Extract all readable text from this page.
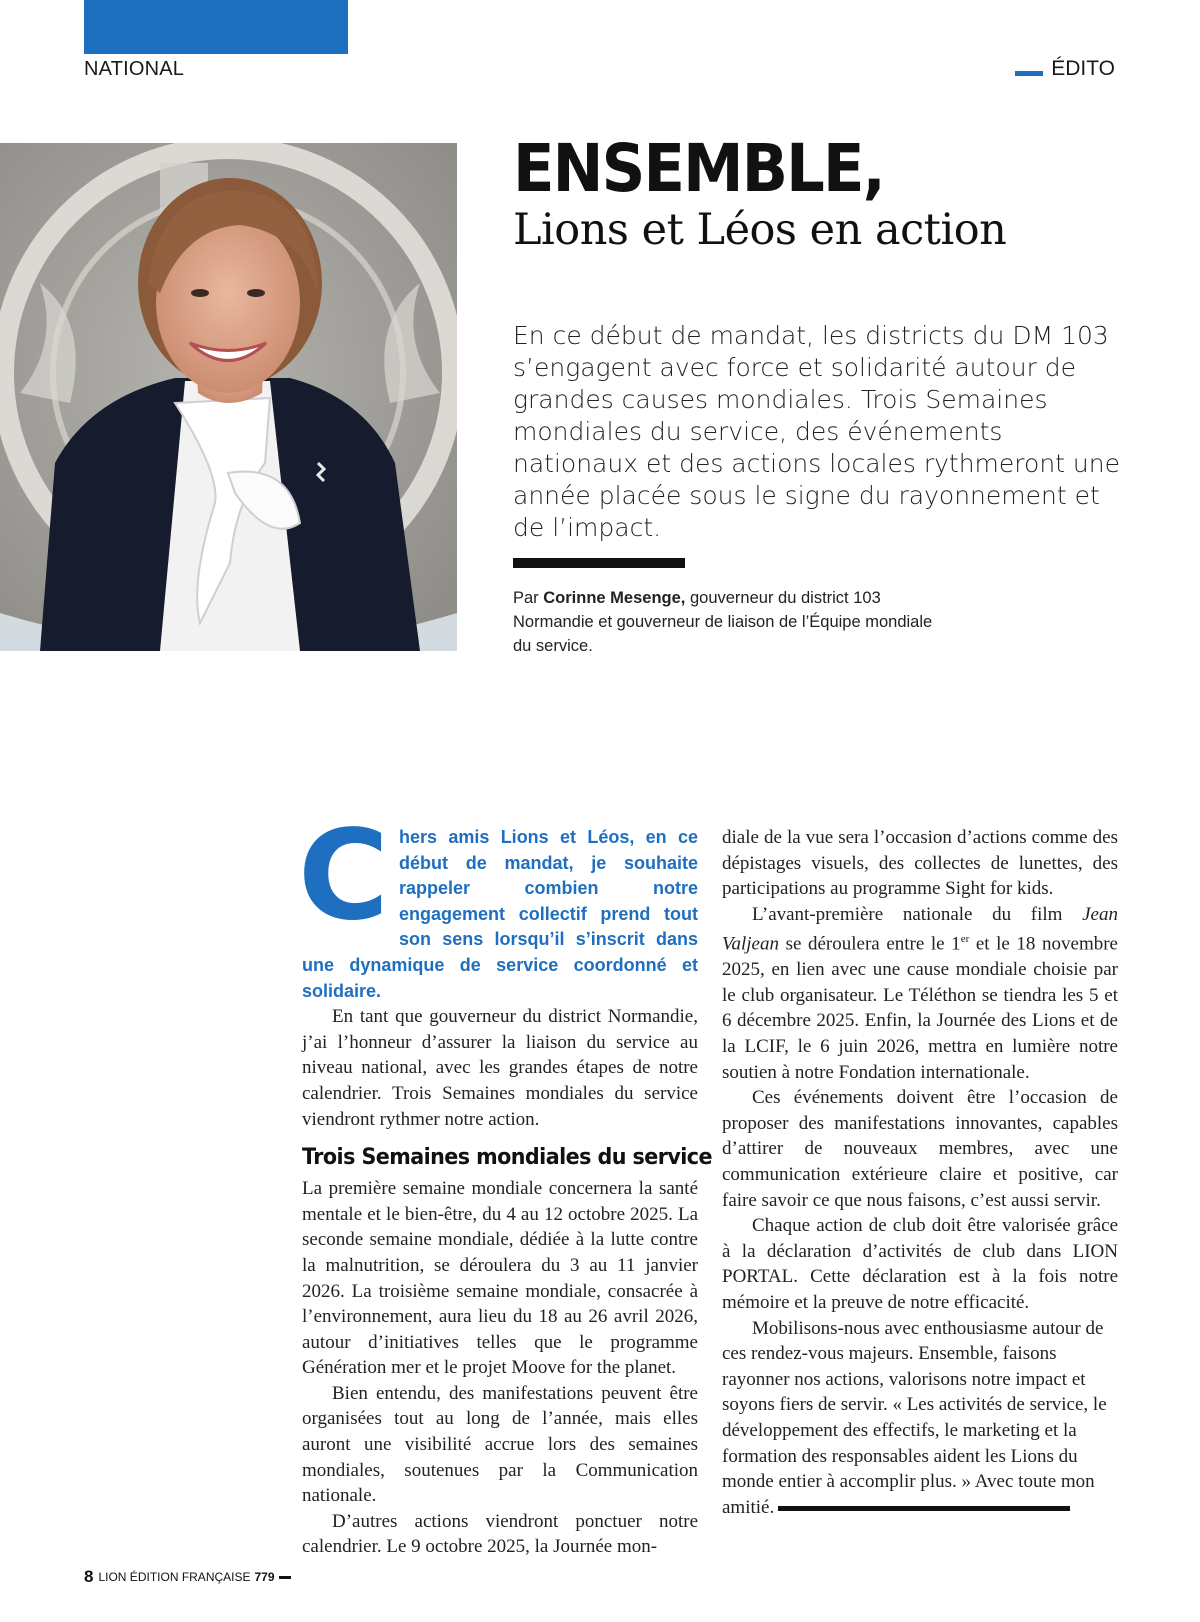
NATIONAL	ÉDITO
ENSEMBLE,
Lions et Léos en action
En ce début de mandat, les districts du DM 103 s’engagent avec force et solidarité autour de grandes causes mondiales. Trois Semaines mondiales du service, des événements nationaux et des actions locales rythmeront une année placée sous le signe du rayonnement et de l’impact.
Par Corinne Mesenge, gouverneur du district 103 Normandie et gouverneur de liaison de l’Équipe mondiale du service.
Chers amis Lions et Léos, en ce début de mandat, je souhaite rappeler combien notre engagement collectif prend tout son sens lorsqu’il s’inscrit dans une dynamique de service coordonné et solidaire.

En tant que gouverneur du district Normandie, j’ai l’honneur d’assurer la liaison du service au niveau national, avec les grandes étapes de notre calendrier. Trois Semaines mondiales du service viendront rythmer notre action.

Trois Semaines mondiales du service

La première semaine mondiale concernera la santé mentale et le bien-être, du 4 au 12 octobre 2025. La seconde semaine mondiale, dédiée à la lutte contre la malnutrition, se déroulera du 3 au 11 janvier 2026. La troisième semaine mondiale, consacrée à l’environnement, aura lieu du 18 au 26 avril 2026, autour d’initiatives telles que le programme Génération mer et le projet Moove for the planet.

Bien entendu, des manifestations peuvent être organisées tout au long de l’année, mais elles auront une visibilité accrue lors des semaines mondiales, soutenues par la Communication nationale.

D’autres actions viendront ponctuer notre calendrier. Le 9 octobre 2025, la Journée mon-

diale de la vue sera l’occasion d’actions comme des dépistages visuels, des collectes de lunettes, des participations au programme Sight for kids.

L’avant-première nationale du film Jean Valjean se déroulera entre le 1er et le 18 novembre 2025, en lien avec une cause mondiale choisie par le club organisateur. Le Téléthon se tiendra les 5 et 6 décembre 2025. Enfin, la Journée des Lions et de la LCIF, le 6 juin 2026, mettra en lumière notre soutien à notre Fondation internationale.

Ces événements doivent être l’occasion de proposer des manifestations innovantes, capables d’attirer de nouveaux membres, avec une communication extérieure claire et positive, car faire savoir ce que nous faisons, c’est aussi servir.

Chaque action de club doit être valorisée grâce à la déclaration d’activités de club dans LION PORTAL. Cette déclaration est à la fois notre mémoire et la preuve de notre efficacité.

Mobilisons-nous avec enthousiasme autour de ces rendez-vous majeurs. Ensemble, faisons rayonner nos actions, valorisons notre impact et soyons fiers de servir. « Les activités de service, le développement des effectifs, le marketing et la formation des responsables aident les Lions du monde entier à accomplir plus. » Avec toute mon amitié.

8 LION ÉDITION FRANÇAISE 779
